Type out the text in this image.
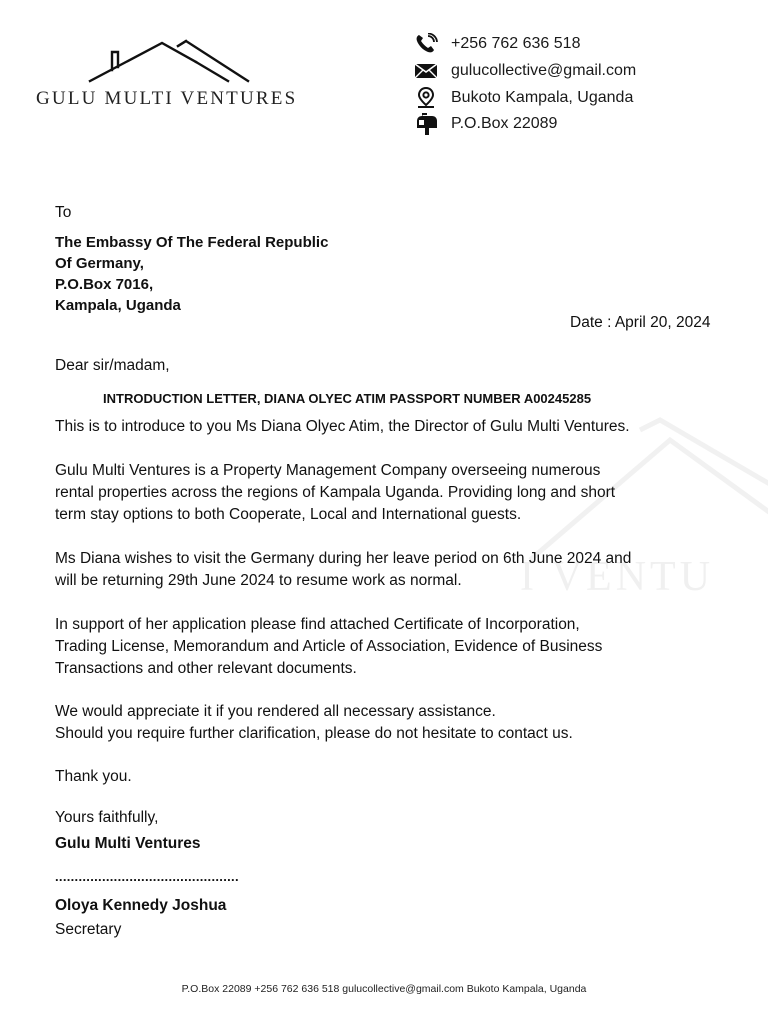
GULU MULTI VENTURES
+256 762 636 518
gulucollective@gmail.com
Bukoto Kampala, Uganda
P.O.Box 22089
I VENTU
To
The Embassy Of The Federal Republic
Of Germany,
P.O.Box 7016,
Kampala, Uganda
Date : April 20, 2024
Dear sir/madam,
INTRODUCTION LETTER, DIANA OLYEC ATIM PASSPORT NUMBER A00245285
This is to introduce to you Ms Diana Olyec Atim, the Director of Gulu Multi Ventures.
Gulu Multi Ventures is a Property Management Company overseeing numerous
rental properties across the regions of Kampala Uganda. Providing long and short
term stay options to both Cooperate, Local and International guests.
Ms Diana wishes to visit the Germany during her leave period on 6th June 2024 and
will be returning 29th June 2024 to resume work as normal.
In support of her application please find attached Certificate of Incorporation,
Trading License, Memorandum and Article of Association, Evidence of Business
Transactions and other relevant documents.
We would appreciate it if you rendered all necessary assistance.
Should you require further clarification, please do not hesitate to contact us.
Thank you.
Yours faithfully,
Gulu Multi Ventures
...............................................
Oloya Kennedy Joshua
Secretary
P.O.Box 22089 +256 762 636 518 gulucollective@gmail.com Bukoto Kampala, Uganda
